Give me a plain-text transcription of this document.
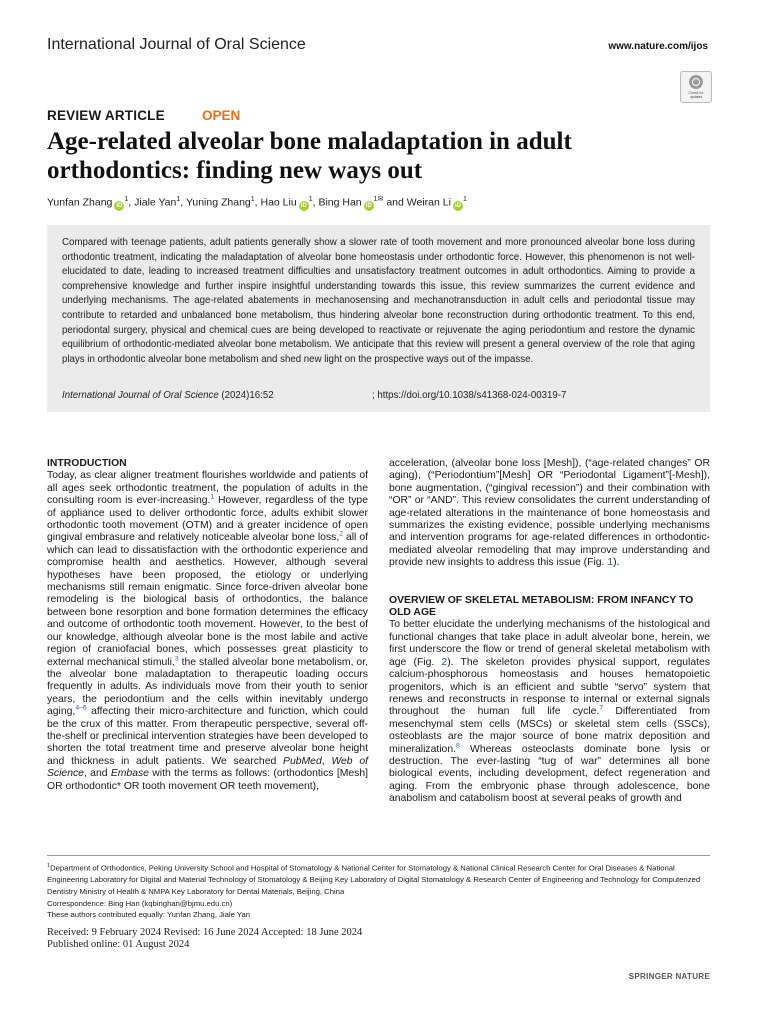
International Journal of Oral Science	www.nature.com/ijos
Check for
updates
REVIEW ARTICLE	OPEN
Age-related alveolar bone maladaptation in adult orthodontics: finding new ways out
Yunfan Zhang $iD^1$, Jiale Yan$^1$, Yuning Zhang$^1$, Hao Liu $iD^1$, Bing Han $iD^{1✉}$ and Weiran Li $iD^1$

Compared with teenage patients, adult patients generally show a slower rate of tooth movement and more pronounced alveolar bone loss during orthodontic treatment, indicating the maladaptation of alveolar bone homeostasis under orthodontic force. However, this phenomenon is not well-elucidated to date, leading to increased treatment difficulties and unsatisfactory treatment outcomes in adult orthodontics. Aiming to provide a comprehensive knowledge and further inspire insightful understanding towards this issue, this review summarizes the current evidence and underlying mechanisms. The age-related abatements in mechanosensing and mechanotransduction in adult cells and periodontal tissue may contribute to retarded and unbalanced bone metabolism, thus hindering alveolar bone reconstruction during orthodontic treatment. To this end, periodontal surgery, physical and chemical cues are being developed to reactivate or rejuvenate the aging periodontium and restore the dynamic equilibrium of orthodontic-mediated alveolar bone metabolism. We anticipate that this review will present a general overview of the role that aging plays in orthodontic alveolar bone metabolism and shed new light on the prospective ways out of the impasse.

International Journal of Oral Science (2024)16:52	; https://doi.org/10.1038/s41368-024-00319-7
INTRODUCTION

Today, as clear aligner treatment flourishes worldwide and patients of all ages seek orthodontic treatment, the population of adults in the consulting room is ever-increasing.$^1$ However, regardless of the type of appliance used to deliver orthodontic force, adults exhibit slower orthodontic tooth movement (OTM) and a greater incidence of open gingival embrasure and relatively noticeable alveolar bone loss,$^2$ all of which can lead to dissatisfaction with the orthodontic experience and compromise health and aesthetics. However, although several hypotheses have been proposed, the etiology or underlying mechanisms still remain enigmatic. Since force-driven alveolar bone remodeling is the biological basis of orthodontics, the balance between bone resorption and bone formation determines the efficacy and outcome of orthodontic tooth movement. However, to the best of our knowledge, although alveolar bone is the most labile and active region of craniofacial bones, which possesses great plasticity to external mechanical stimuli,$^3$ the stalled alveolar bone metabolism, or, the alveolar bone maladaptation to therapeutic loading occurs frequently in adults. As individuals move from their youth to senior years, the periodontium and the cells within inevitably undergo aging,$^{4-6}$ affecting their micro-architecture and function, which could be the crux of this matter. From therapeutic perspective, several off-the-shelf or preclinical intervention strategies have been developed to shorten the total treatment time and preserve alveolar bone height and thickness in adult patients. We searched PubMed, Web of Science, and Embase with the terms as follows: (orthodontics [Mesh] OR orthodontic* OR tooth movement OR teeth movement),

acceleration, (alveolar bone loss [Mesh]), (“age-related changes” OR aging), (“Periodontium”[Mesh] OR “Periodontal Ligament”[-Mesh]), bone augmentation, (“gingival recession”) and their combination with “OR” or “AND”. This review consolidates the current understanding of age-related alterations in the maintenance of bone homeostasis and summarizes the existing evidence, possible underlying mechanisms and intervention programs for age-related differences in orthodontic-mediated alveolar remodeling that may improve understanding and provide new insights to address this issue (Fig. 1).

OVERVIEW OF SKELETAL METABOLISM: FROM INFANCY TO OLD AGE

To better elucidate the underlying mechanisms of the histological and functional changes that take place in adult alveolar bone, herein, we first underscore the flow or trend of general skeletal metabolism with age (Fig. 2). The skeleton provides physical support, regulates calcium-phosphorous homeostasis and houses hematopoietic progenitors, which is an efficient and subtle “servo” system that renews and reconstructs in response to internal or external signals throughout the human full life cycle.$^7$ Differentiated from mesenchymal stem cells (MSCs) or skeletal stem cells (SSCs), osteoblasts are the major source of bone matrix deposition and mineralization.$^8$ Whereas osteoclasts dominate bone lysis or destruction. The ever-lasting “tug of war” determines all bone biological events, including development, defect regeneration and aging. From the embryonic phase through adolescence, bone anabolism and catabolism boost at several peaks of growth and

$^1$Department of Orthodontics, Peking University School and Hospital of Stomatology & National Center for Stomatology & National Clinical Research Center for Oral Diseases & National Engineering Laboratory for Digital and Material Technology of Stomatology & Beijing Key Laboratory of Digital Stomatology & Research Center of Engineering and Technology for Computerized Dentistry Ministry of Health & NMPA Key Laboratory for Dental Materials, Beijing, China
Correspondence: Bing Han (kqbinghan@bjmu.edu.cn)
These authors contributed equally: Yunfan Zhang, Jiale Yan
Received: 9 February 2024 Revised: 16 June 2024 Accepted: 18 June 2024
Published online: 01 August 2024
SPRINGER NATURE
